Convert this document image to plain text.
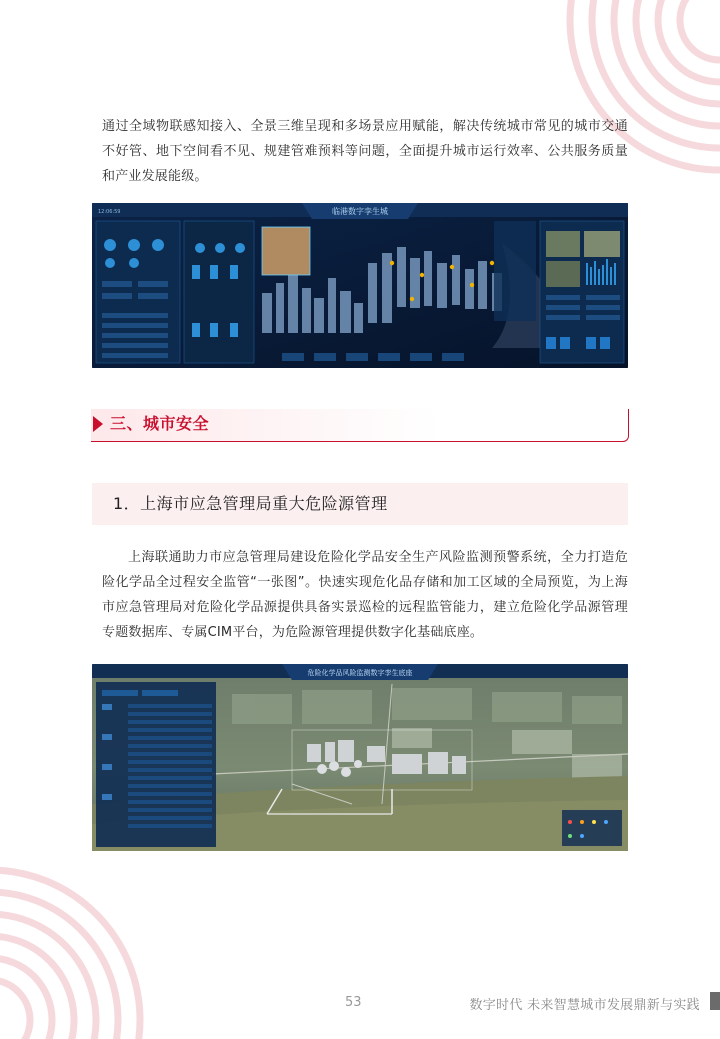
通过全域物联感知接入、全景三维呈现和多场景应用赋能，解决传统城市常见的城市交通不好管、地下空间看不见、规建管难预料等问题，全面提升城市运行效率、公共服务质量和产业发展能级。

临港数字孪生城
12:06:59
三、城市安全
1．上海市应急管理局重大危险源管理

上海联通助力市应急管理局建设危险化学品安全生产风险监测预警系统，全力打造危险化学品全过程安全监管“一张图”。快速实现危化品存储和加工区域的全局预览，为上海市应急管理局对危险化学品源提供具备实景巡检的远程监管能力，建立危险化学品源管理专题数据库、专属CIM平台，为危险源管理提供数字化基础底座。

危险化学品风险监测数字孪生底座
53	数字时代 未来智慧城市发展鼎新与实践
